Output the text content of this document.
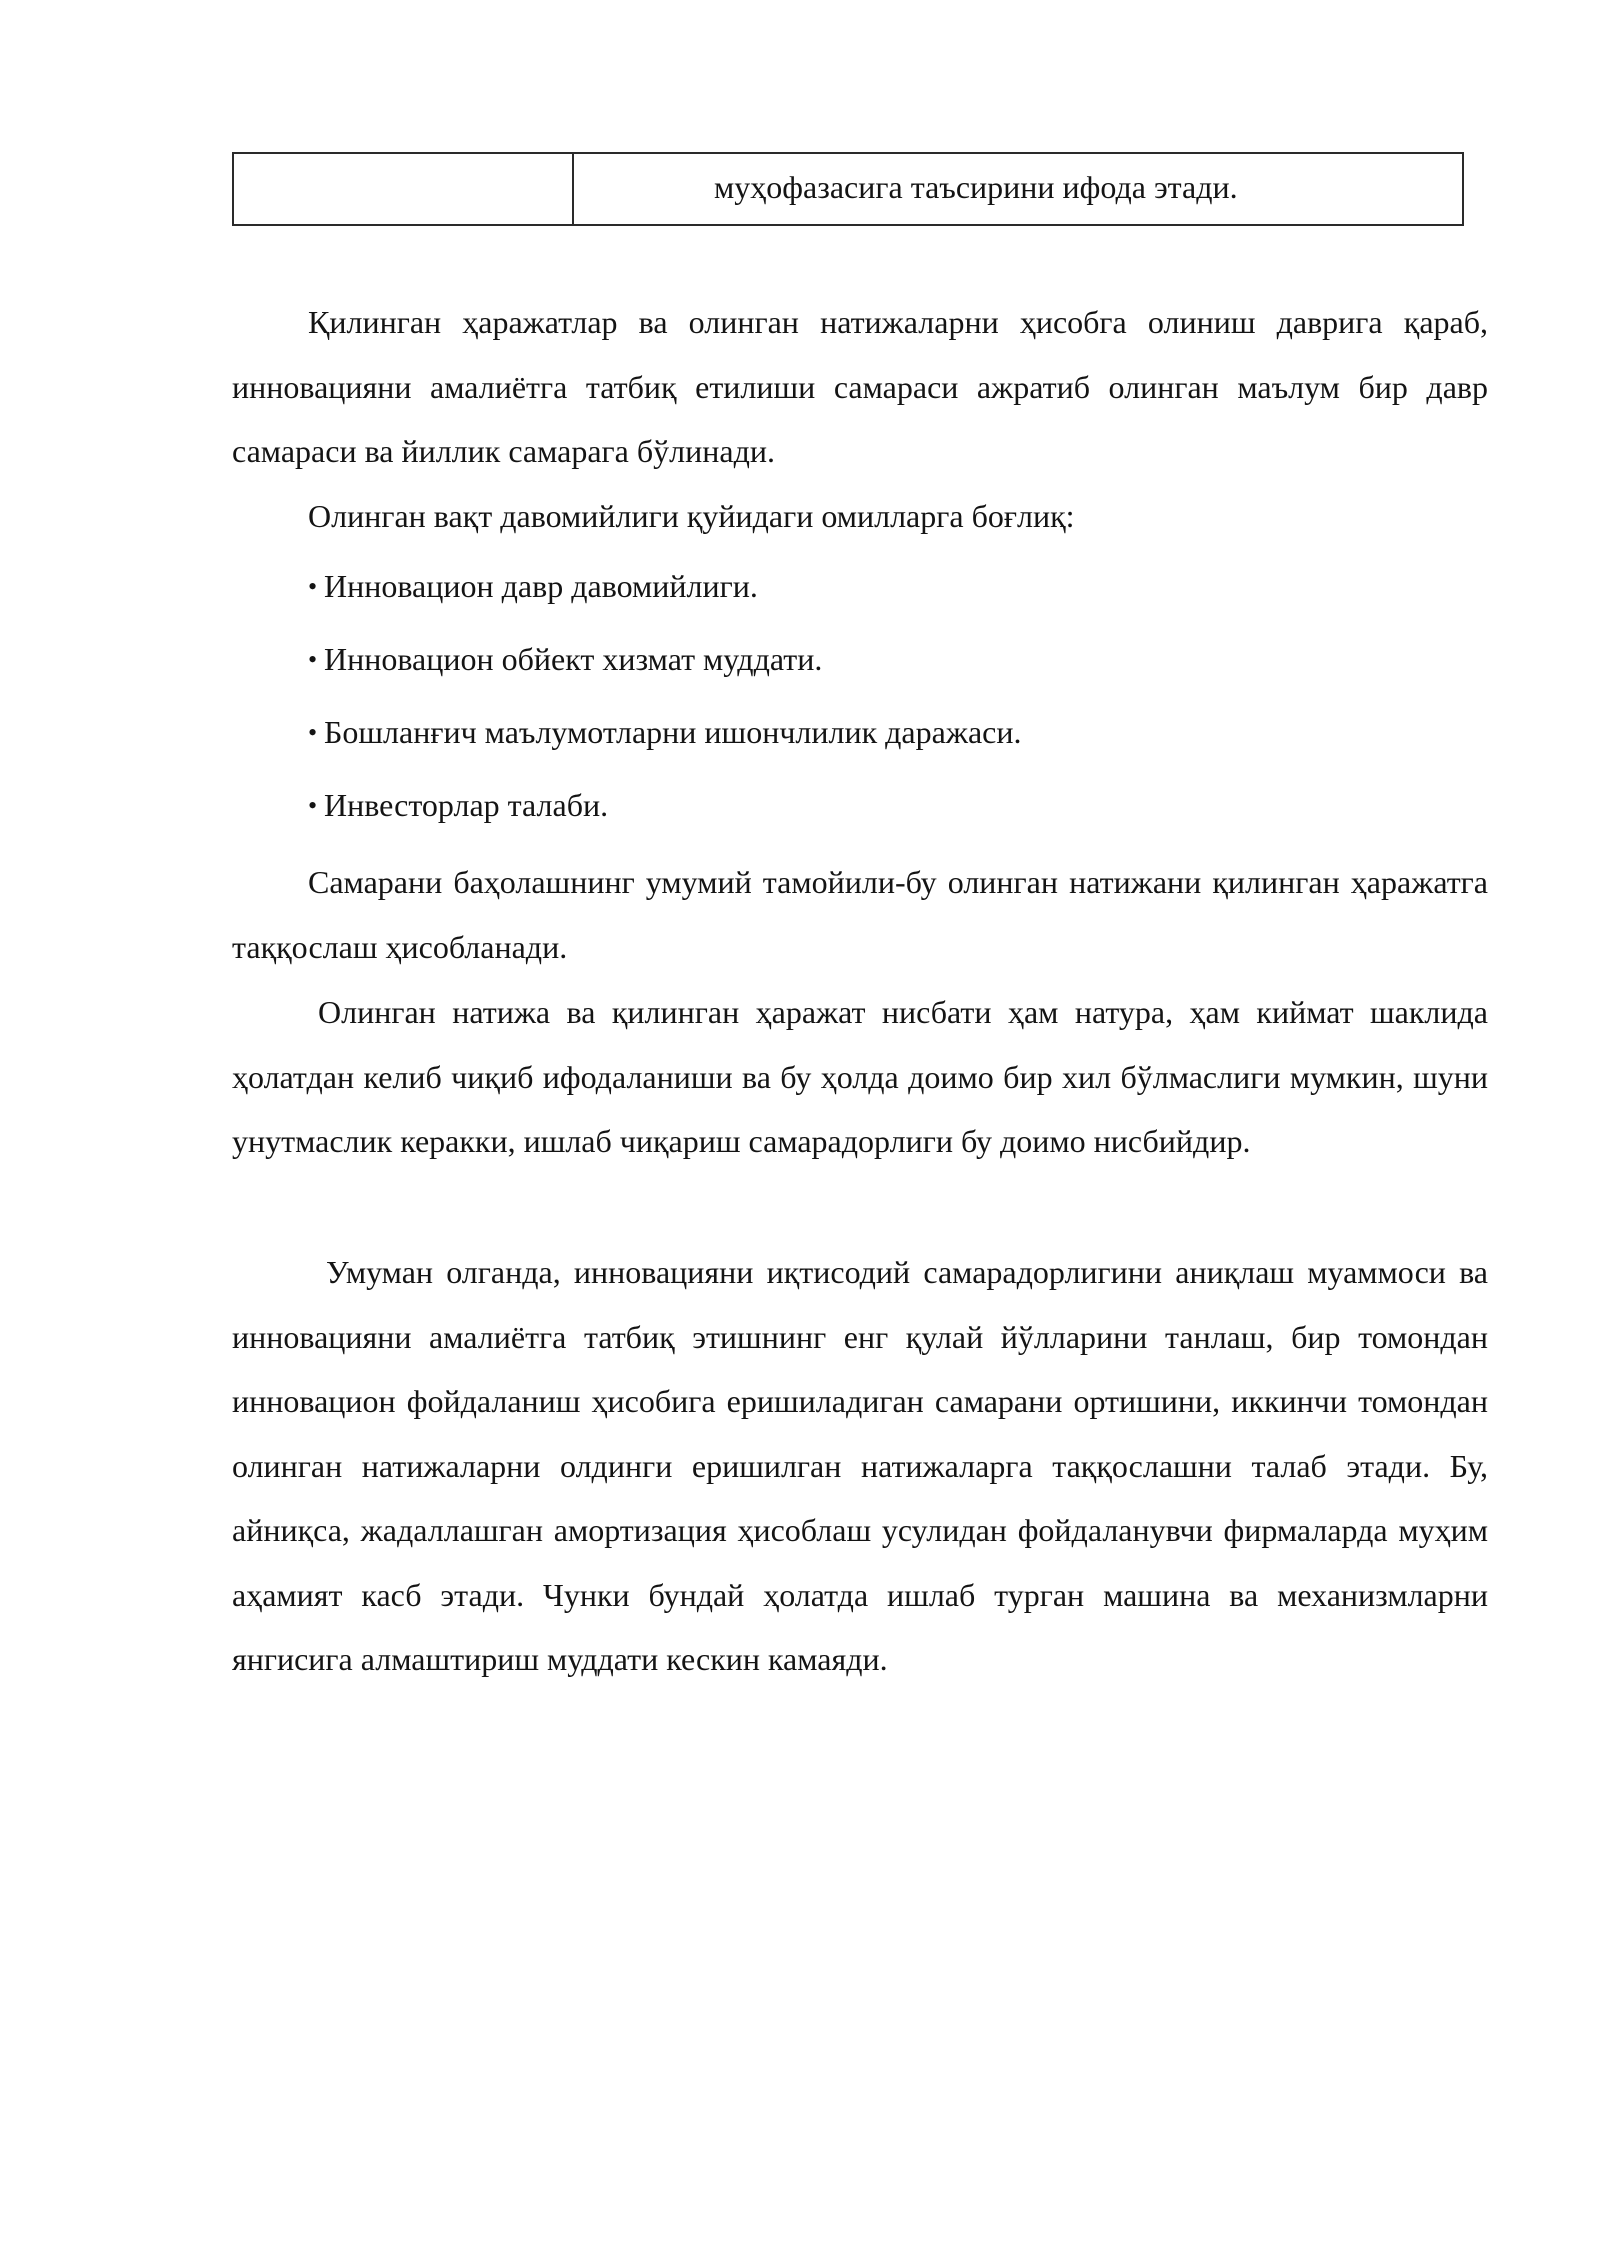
муҳофазасига таъсирини ифода этади.

Қилинган ҳаражатлар ва олинган натижаларни ҳисобга олиниш даврига қараб, инновацияни амалиётга татбиқ етилиши самараси ажратиб олинган маълум бир давр самараси ва йиллик самарага бўлинади.

Олинган вақт давомийлиги қуйидаги омилларга боғлиқ:

• Инновацион давр давомийлиги.

• Инновацион обйект хизмат муддати.

• Бошланғич маълумотларни ишончлилик даражаси.

• Инвесторлар талаби.

Самарани баҳолашнинг умумий тамойили-бу олинган натижани қилинган ҳаражатга таққослаш ҳисобланади.

Олинган натижа ва қилинган ҳаражат нисбати ҳам натура, ҳам киймат шаклида ҳолатдан келиб чиқиб ифодаланиши ва бу ҳолда доимо бир хил бўлмаслиги мумкин, шуни унутмаслик керакки, ишлаб чиқариш самарадорлиги бу доимо нисбийдир.

Умуман олганда, инновацияни иқтисодий самарадорлигини аниқлаш муаммоси ва инновацияни амалиётга татбиқ этишнинг енг қулай йўлларини танлаш, бир томондан инновацион фойдаланиш ҳисобига еришиладиган самарани ортишини, иккинчи томондан олинган натижаларни олдинги еришилган натижаларга таққослашни талаб этади. Бу, айниқса, жадаллашган амортизация ҳисоблаш усулидан фойдаланувчи фирмаларда муҳим аҳамият касб этади. Чунки бундай ҳолатда ишлаб турган машина ва механизмларни янгисига алмаштириш муддати кескин камаяди.
